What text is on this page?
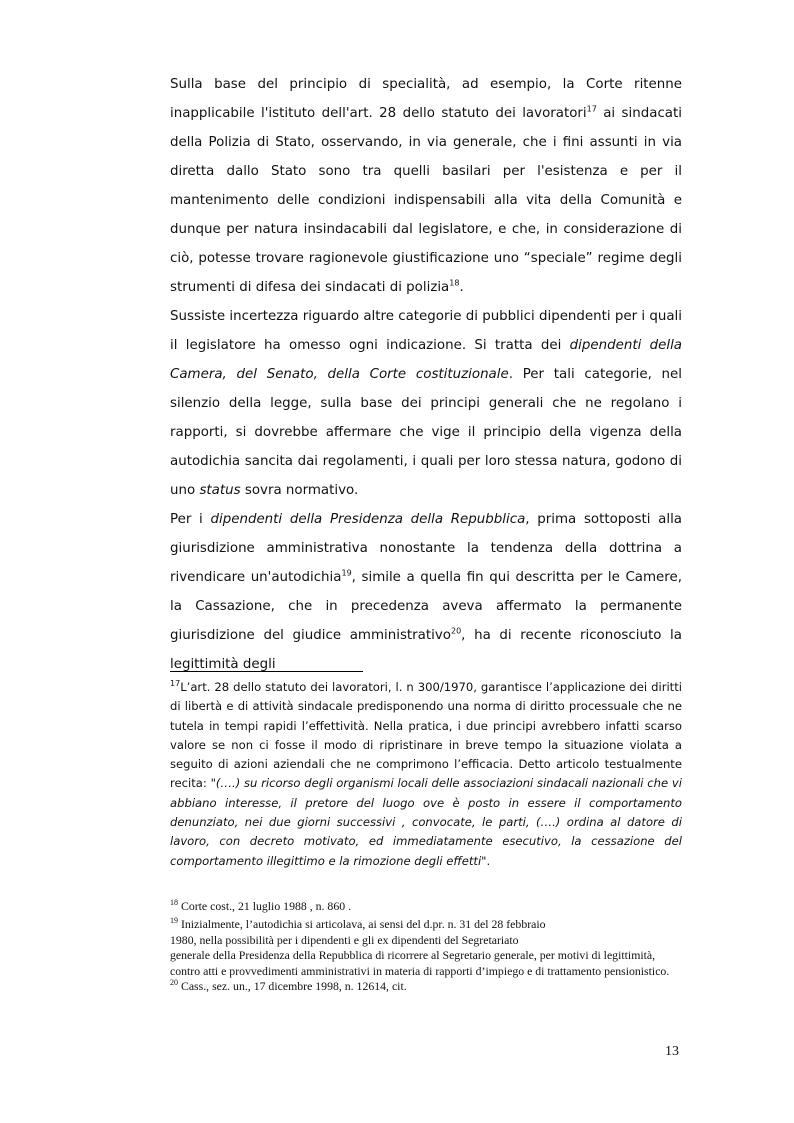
Sulla base del principio di specialità, ad esempio, la Corte ritenne inapplicabile l'istituto dell'art. 28 dello statuto dei lavoratori$^{17}$ ai sindacati della Polizia di Stato, osservando, in via generale, che i fini assunti in via diretta dallo Stato sono tra quelli basilari per l'esistenza e per il mantenimento delle condizioni indispensabili alla vita della Comunità e dunque per natura insindacabili dal legislatore, e che, in considerazione di ciò, potesse trovare ragionevole giustificazione uno “speciale” regime degli strumenti di difesa dei sindacati di polizia$^{18}$.

Sussiste incertezza riguardo altre categorie di pubblici dipendenti per i quali il legislatore ha omesso ogni indicazione. Si tratta dei dipendenti della Camera, del Senato, della Corte costituzionale. Per tali categorie, nel silenzio della legge, sulla base dei principi generali che ne regolano i rapporti, si dovrebbe affermare che vige il principio della vigenza della autodichia sancita dai regolamenti, i quali per loro stessa natura, godono di uno status sovra normativo.

Per i dipendenti della Presidenza della Repubblica, prima sottoposti alla giurisdizione amministrativa nonostante la tendenza della dottrina a rivendicare un'autodichia$^{19}$, simile a quella fin qui descritta per le Camere, la Cassazione, che in precedenza aveva affermato la permanente giurisdizione del giudice amministrativo$^{20}$, ha di recente riconosciuto la legittimità degli

$^{17}$L’art. 28 dello statuto dei lavoratori, l. n 300/1970, garantisce l’applicazione dei diritti di libertà e di attività sindacale predisponendo una norma di diritto processuale che ne tutela in tempi rapidi l’effettività. Nella pratica, i due principi avrebbero infatti scarso valore se non ci fosse il modo di ripristinare in breve tempo la situazione violata a seguito di azioni aziendali che ne comprimono l’efficacia. Detto articolo testualmente recita: "(….) su ricorso degli organismi locali delle associazioni sindacali nazionali che vi abbiano interesse, il pretore del luogo ove è posto in essere il comportamento denunziato, nei due giorni successivi , convocate, le parti, (….) ordina al datore di lavoro, con decreto motivato, ed immediatamente esecutivo, la cessazione del comportamento illegittimo e la rimozione degli effetti".

$^{18}$ Corte cost., 21 luglio 1988 , n. 860 .

$^{19}$ Inizialmente, l’autodichia si articolava, ai sensi del d.pr. n. 31 del 28 febbraio
1980, nella possibilità per i dipendenti e gli ex dipendenti del Segretariato
generale della Presidenza della Repubblica di ricorrere al Segretario generale, per motivi di legittimità, contro atti e provvedimenti amministrativi in materia di rapporti d’impiego e di trattamento pensionistico.

$^{20}$ Cass., sez. un., 17 dicembre 1998, n. 12614, cit.

13
